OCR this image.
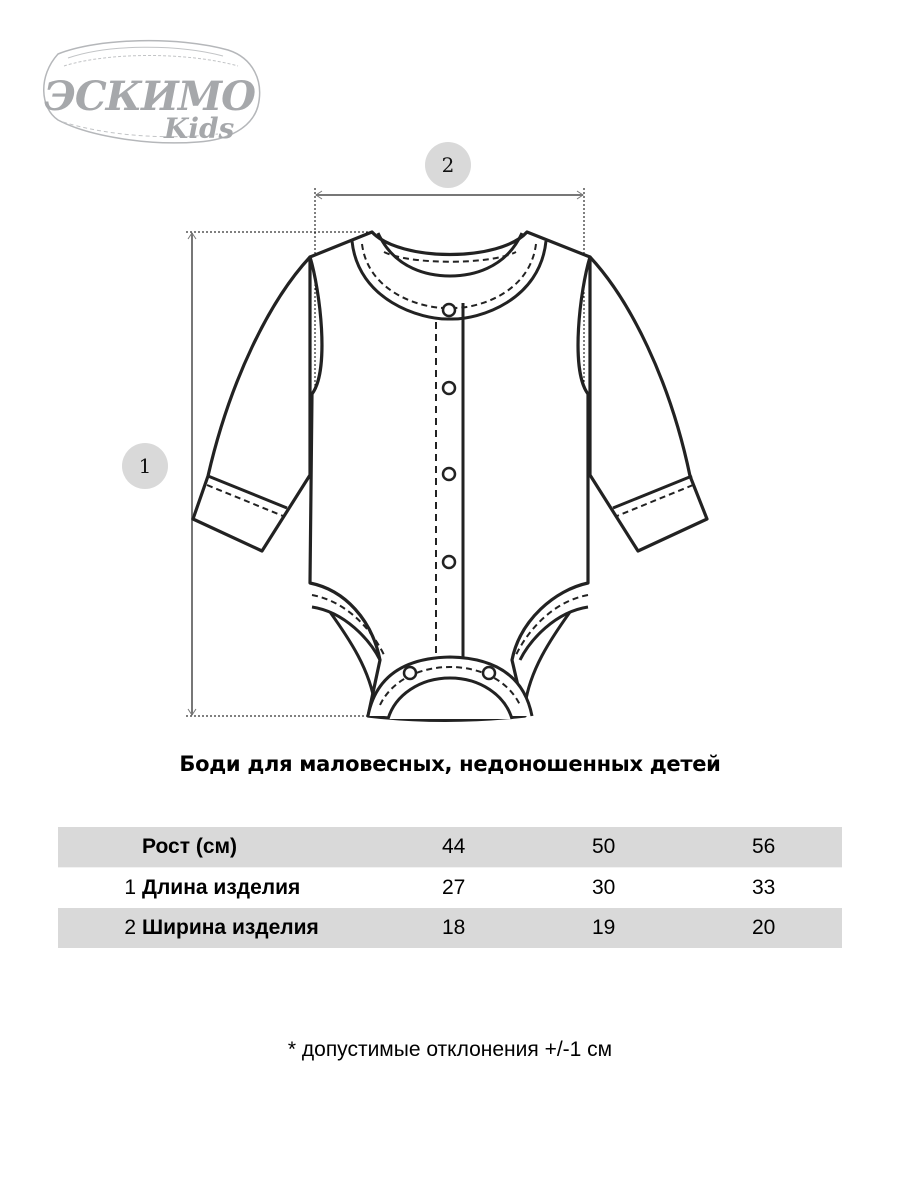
ЭСКИМО
Kids
2
1
Боди для маловесных, недоношенных детей
	Рост (см)	44	50	56
1	Длина изделия	27	30	33
2	Ширина изделия	18	19	20
* допустимые отклонения +/-1 см
